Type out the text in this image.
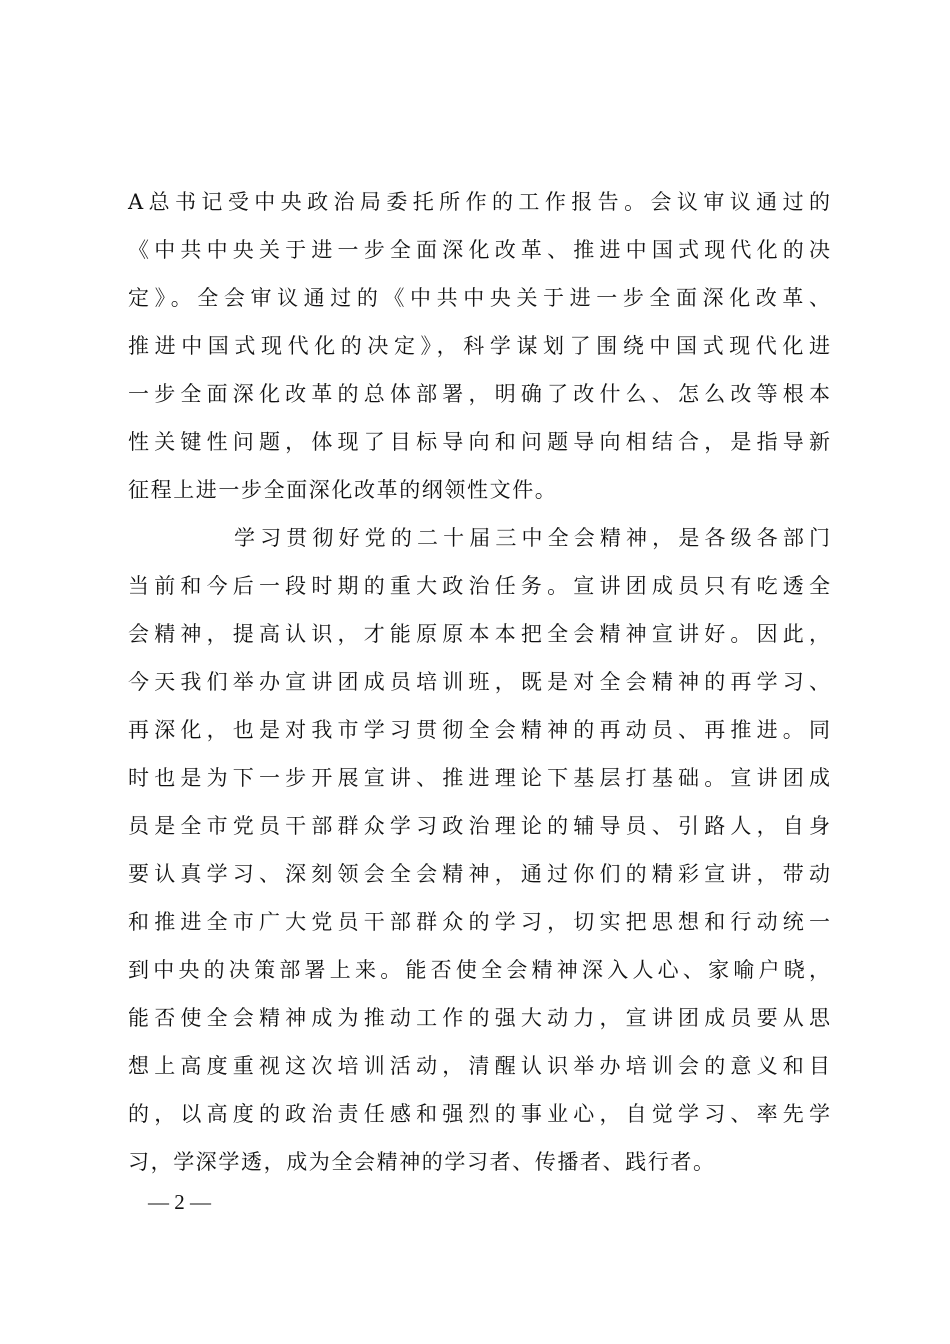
A总书记受中央政治局委托所作的工作报告。会议审议通过的
《中共中央关于进一步全面深化改革、推进中国式现代化的决
定》。全会审议通过的《中共中央关于进一步全面深化改革、
推进中国式现代化的决定》，科学谋划了围绕中国式现代化进
一步全面深化改革的总体部署，明确了改什么、怎么改等根本
性关键性问题，体现了目标导向和问题导向相结合，是指导新
征程上进一步全面深化改革的纲领性文件。
学习贯彻好党的二十届三中全会精神，是各级各部门
当前和今后一段时期的重大政治任务。宣讲团成员只有吃透全
会精神，提高认识，才能原原本本把全会精神宣讲好。因此，
今天我们举办宣讲团成员培训班，既是对全会精神的再学习、
再深化，也是对我市学习贯彻全会精神的再动员、再推进。同
时也是为下一步开展宣讲、推进理论下基层打基础。宣讲团成
员是全市党员干部群众学习政治理论的辅导员、引路人，自身
要认真学习、深刻领会全会精神，通过你们的精彩宣讲，带动
和推进全市广大党员干部群众的学习，切实把思想和行动统一
到中央的决策部署上来。能否使全会精神深入人心、家喻户晓，
能否使全会精神成为推动工作的强大动力，宣讲团成员要从思
想上高度重视这次培训活动，清醒认识举办培训会的意义和目
的，以高度的政治责任感和强烈的事业心，自觉学习、率先学
习，学深学透，成为全会精神的学习者、传播者、践行者。
— 2 —
